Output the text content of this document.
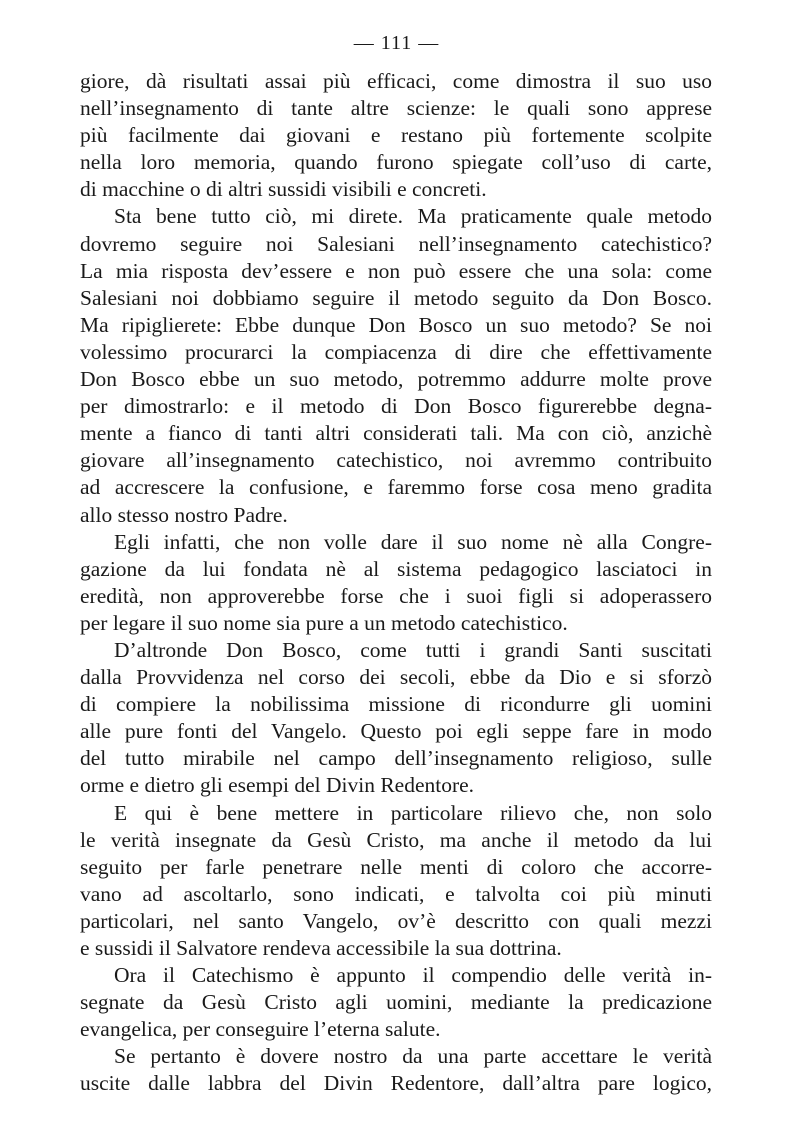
— 111 —
giore, dà risultati assai più efficaci, come dimostra il suo uso
nell’insegnamento di tante altre scienze: le quali sono apprese
più facilmente dai giovani e restano più fortemente scolpite
nella loro memoria, quando furono spiegate coll’uso di carte,
di macchine o di altri sussidi visibili e concreti.
Sta bene tutto ciò, mi direte. Ma praticamente quale metodo
dovremo seguire noi Salesiani nell’insegnamento catechistico?
La mia risposta dev’essere e non può essere che una sola: come
Salesiani noi dobbiamo seguire il metodo seguito da Don Bosco.
Ma ripiglierete: Ebbe dunque Don Bosco un suo metodo? Se noi
volessimo procurarci la compiacenza di dire che effettivamente
Don Bosco ebbe un suo metodo, potremmo addurre molte prove
per dimostrarlo: e il metodo di Don Bosco figurerebbe degna-
mente a fianco di tanti altri considerati tali. Ma con ciò, anzichè
giovare all’insegnamento catechistico, noi avremmo contribuito
ad accrescere la confusione, e faremmo forse cosa meno gradita
allo stesso nostro Padre.
Egli infatti, che non volle dare il suo nome nè alla Congre-
gazione da lui fondata nè al sistema pedagogico lasciatoci in
eredità, non approverebbe forse che i suoi figli si adoperassero
per legare il suo nome sia pure a un metodo catechistico.
D’altronde Don Bosco, come tutti i grandi Santi suscitati
dalla Provvidenza nel corso dei secoli, ebbe da Dio e si sforzò
di compiere la nobilissima missione di ricondurre gli uomini
alle pure fonti del Vangelo. Questo poi egli seppe fare in modo
del tutto mirabile nel campo dell’insegnamento religioso, sulle
orme e dietro gli esempi del Divin Redentore.
E qui è bene mettere in particolare rilievo che, non solo
le verità insegnate da Gesù Cristo, ma anche il metodo da lui
seguito per farle penetrare nelle menti di coloro che accorre-
vano ad ascoltarlo, sono indicati, e talvolta coi più minuti
particolari, nel santo Vangelo, ov’è descritto con quali mezzi
e sussidi il Salvatore rendeva accessibile la sua dottrina.
Ora il Catechismo è appunto il compendio delle verità in-
segnate da Gesù Cristo agli uomini, mediante la predicazione
evangelica, per conseguire l’eterna salute.
Se pertanto è dovere nostro da una parte accettare le verità
uscite dalle labbra del Divin Redentore, dall’altra pare logico,
